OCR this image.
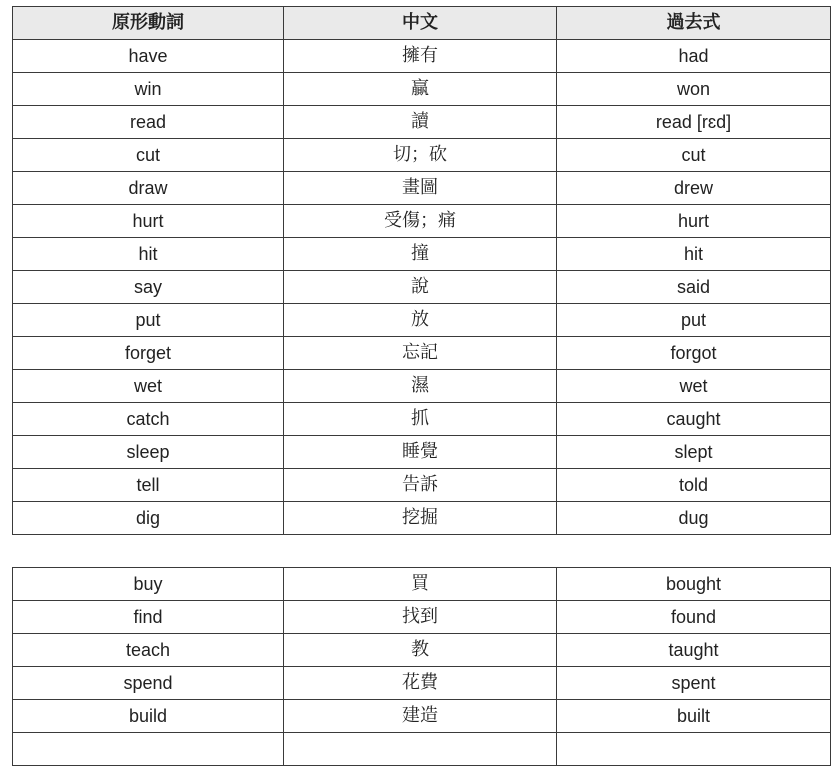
原形動詞	中文	過去式
have	擁有	had
win	贏	won
read	讀	read [rɛd]
cut	切；砍	cut
draw	畫圖	drew
hurt	受傷；痛	hurt
hit	撞	hit
say	說	said
put	放	put
forget	忘記	forgot
wet	濕	wet
catch	抓	caught
sleep	睡覺	slept
tell	告訴	told
dig	挖掘	dug
buy	買	bought
find	找到	found
teach	教	taught
spend	花費	spent
build	建造	built
